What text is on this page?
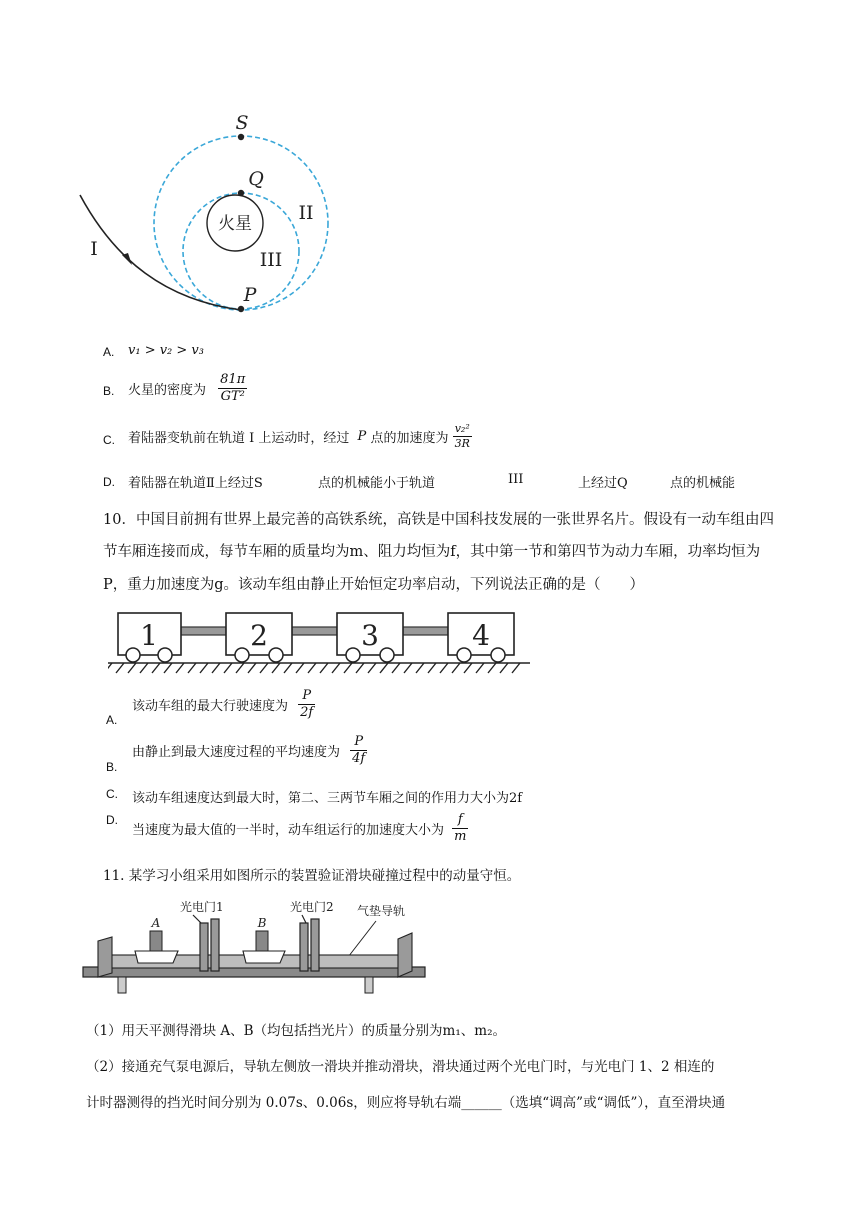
火星
S
Q
P
I
II
III
A. v₁ > v₂ > v₃
B. 火星的密度为 $\frac{81\pi}{\text{GT²}}$
C. 着陆器变轨前在轨道 I 上运动时，经过 P 点的加速度为 $\frac{\text{v₂²}}{3R}$
D. 着陆器在轨道Ⅱ上经过S	点的机械能小于轨道	III	上经过Q	点的机械能
10．中国目前拥有世界上最完善的高铁系统，高铁是中国科技发展的一张世界名片。假设有一动车组由四
节车厢连接而成，每节车厢的质量均为m、阻力均恒为f，其中第一节和第四节为动力车厢，功率均恒为
P，重力加速度为g。该动车组由静止开始恒定功率启动，下列说法正确的是（　　）
1	2	3	4
A.
该动车组的最大行驶速度为 $\frac{P}{2f}$
B.
由静止到最大速度过程的平均速度为 $\frac{P}{4f}$
C. 该动车组速度达到最大时，第二、三两节车厢之间的作用力大小为2f
D.
当速度为最大值的一半时，动车组运行的加速度大小为 $\frac{f}{m}$
11. 某学习小组采用如图所示的装置验证滑块碰撞过程中的动量守恒。
光电门1	光电门2 气垫导轨
A	B
（1）用天平测得滑块 A、B（均包括挡光片）的质量分别为m₁、m₂。
（2）接通充气泵电源后，导轨左侧放一滑块并推动滑块，滑块通过两个光电门时，与光电门 1、2 相连的
计时器测得的挡光时间分别为 0.07s、0.06s，则应将导轨右端______（选填“调高”或“调低”），直至滑块通
